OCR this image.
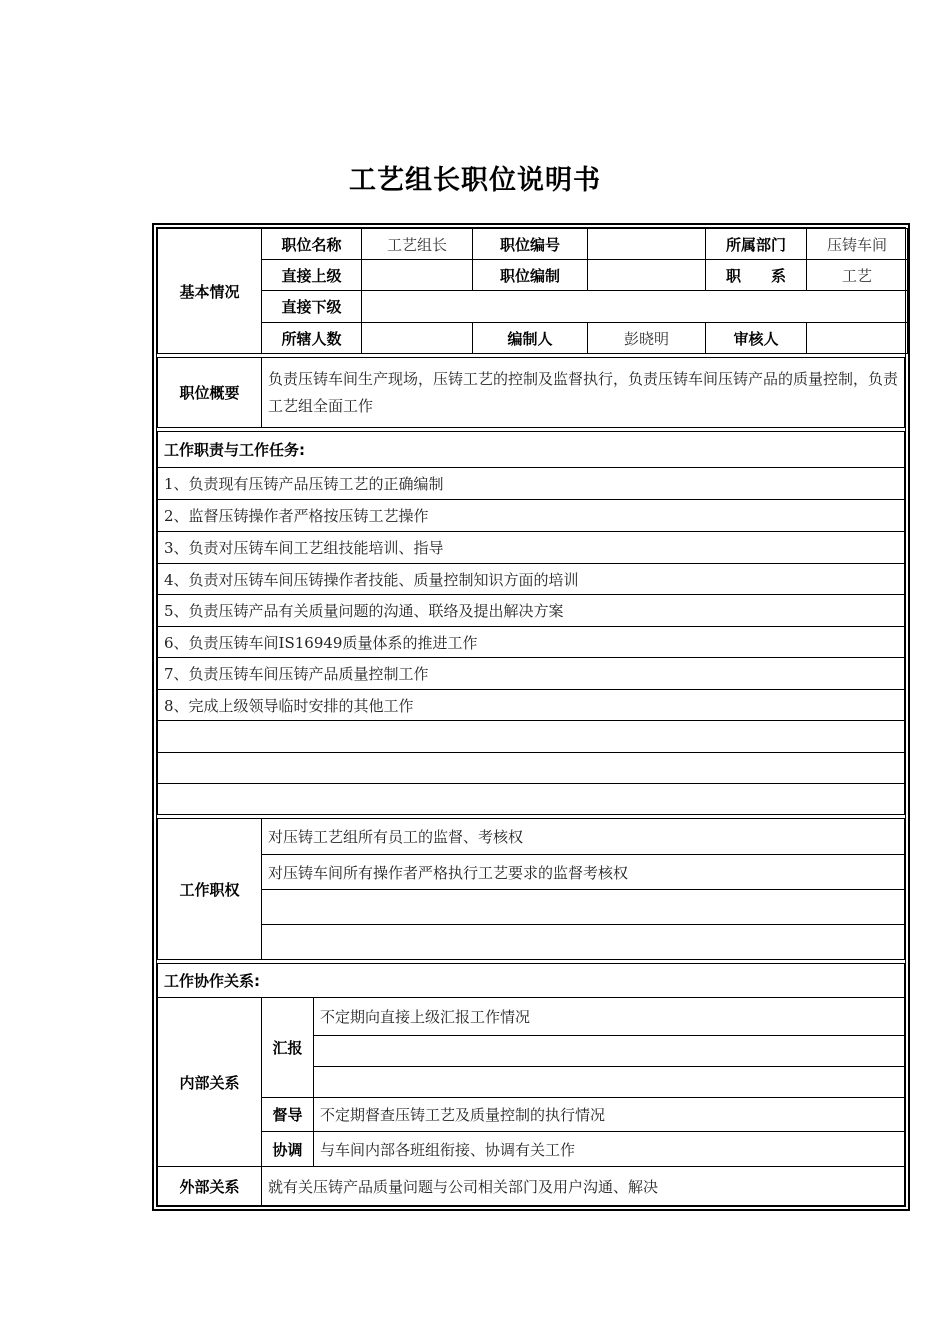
工艺组长职位说明书
基本情况	职位名称	工艺组长	职位编号		所属部门	压铸车间
	直接上级		职位编制		职　　系	工艺
	直接下级					
	所辖人数		编制人	彭晓明	审核人	
职位概要	负责压铸车间生产现场，压铸工艺的控制及监督执行，负责压铸车间压铸产品的质量控制，负责工艺组全面工作
工作职责与工作任务:
1、负责现有压铸产品压铸工艺的正确编制
2、监督压铸操作者严格按压铸工艺操作
3、负责对压铸车间工艺组技能培训、指导
4、负责对压铸车间压铸操作者技能、质量控制知识方面的培训
5、负责压铸产品有关质量问题的沟通、联络及提出解决方案
6、负责压铸车间IS16949质量体系的推进工作
7、负责压铸车间压铸产品质量控制工作
8、完成上级领导临时安排的其他工作

工作职权	对压铸工艺组所有员工的监督、考核权
对压铸车间所有操作者严格执行工艺要求的监督考核权

工作协作关系:		
内部关系	汇报	不定期向直接上级汇报工作情况

	督导	不定期督查压铸工艺及质量控制的执行情况
	协调	与车间内部各班组衔接、协调有关工作
外部关系	就有关压铸产品质量问题与公司相关部门及用户沟通、解决	
